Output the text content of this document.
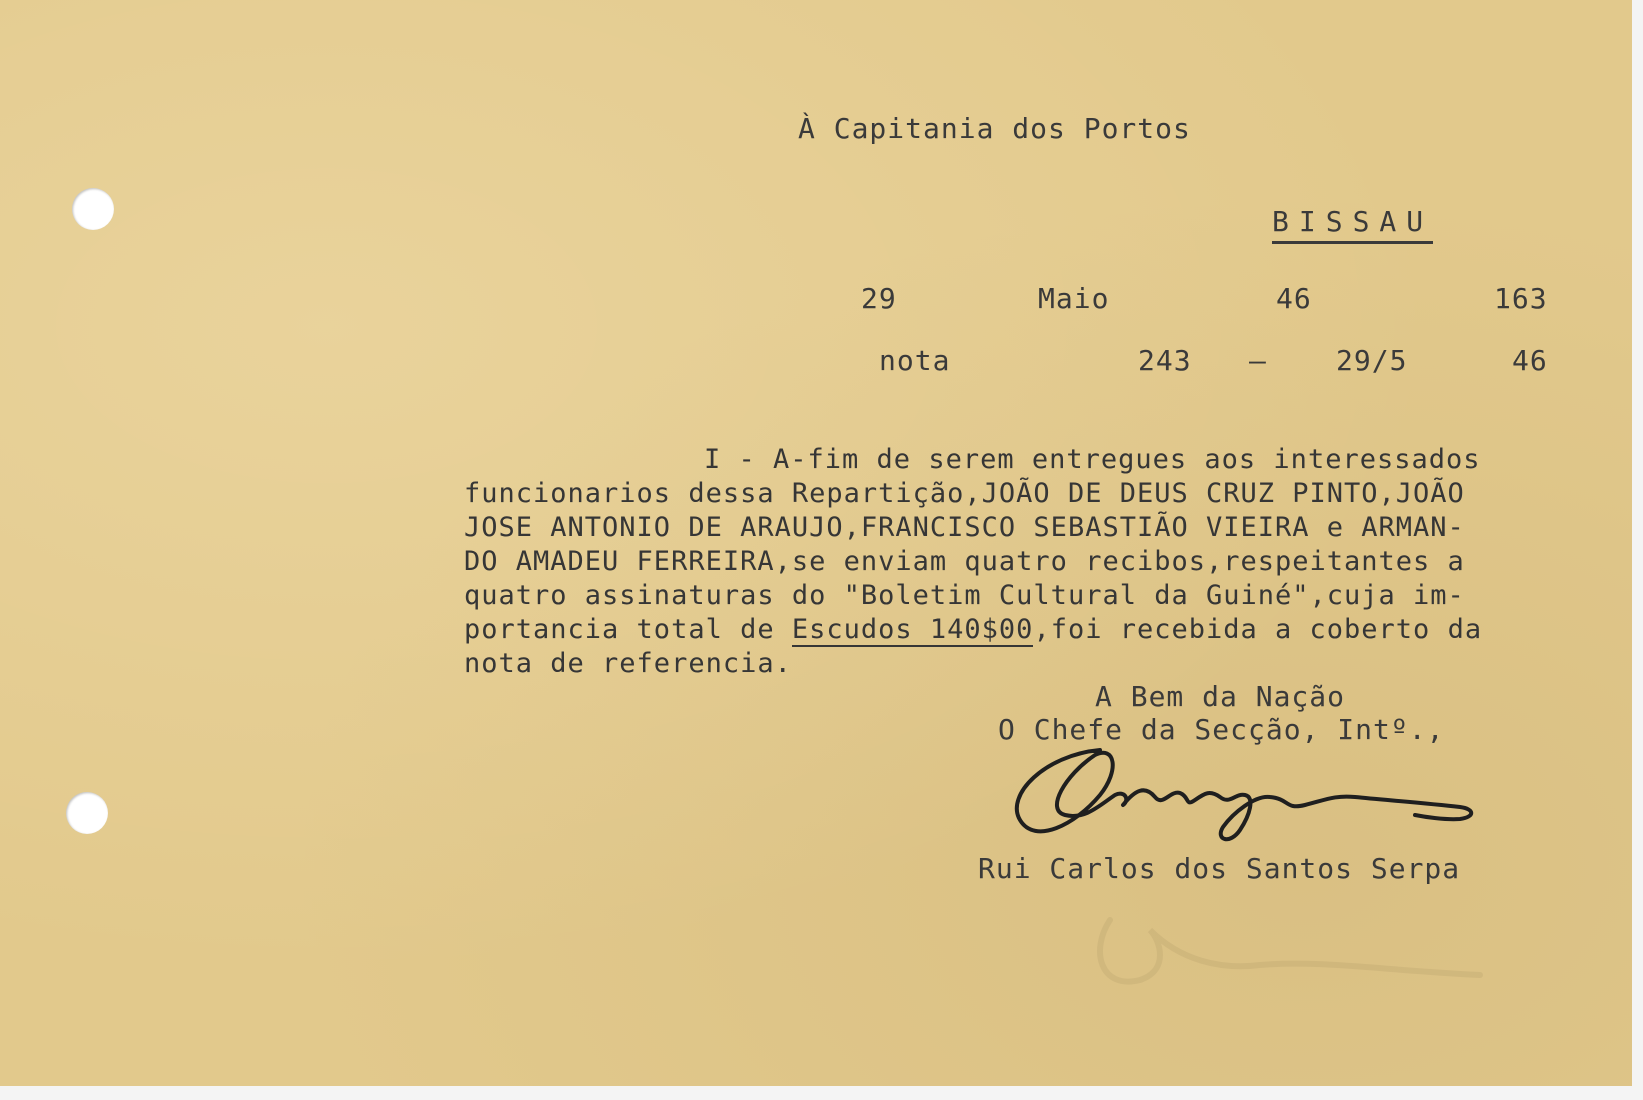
À Capitania dos Portos
BISSAU
29	Maio	46	163
nota	243 – 29/5	46
I - A-fim de serem entregues aos interessados
funcionarios dessa Repartição,JOÃO DE DEUS CRUZ PINTO,JOÃO
JOSE ANTONIO DE ARAUJO,FRANCISCO SEBASTIÃO VIEIRA e ARMAN-
DO AMADEU FERREIRA,se enviam quatro recibos,respeitantes a
quatro assinaturas do "Boletim Cultural da Guiné",cuja im-
portancia total de Escudos 140$00,foi recebida a coberto da
nota de referencia.
A Bem da Nação
O Chefe da Secção, Intº.,
Rui Carlos dos Santos Serpa
